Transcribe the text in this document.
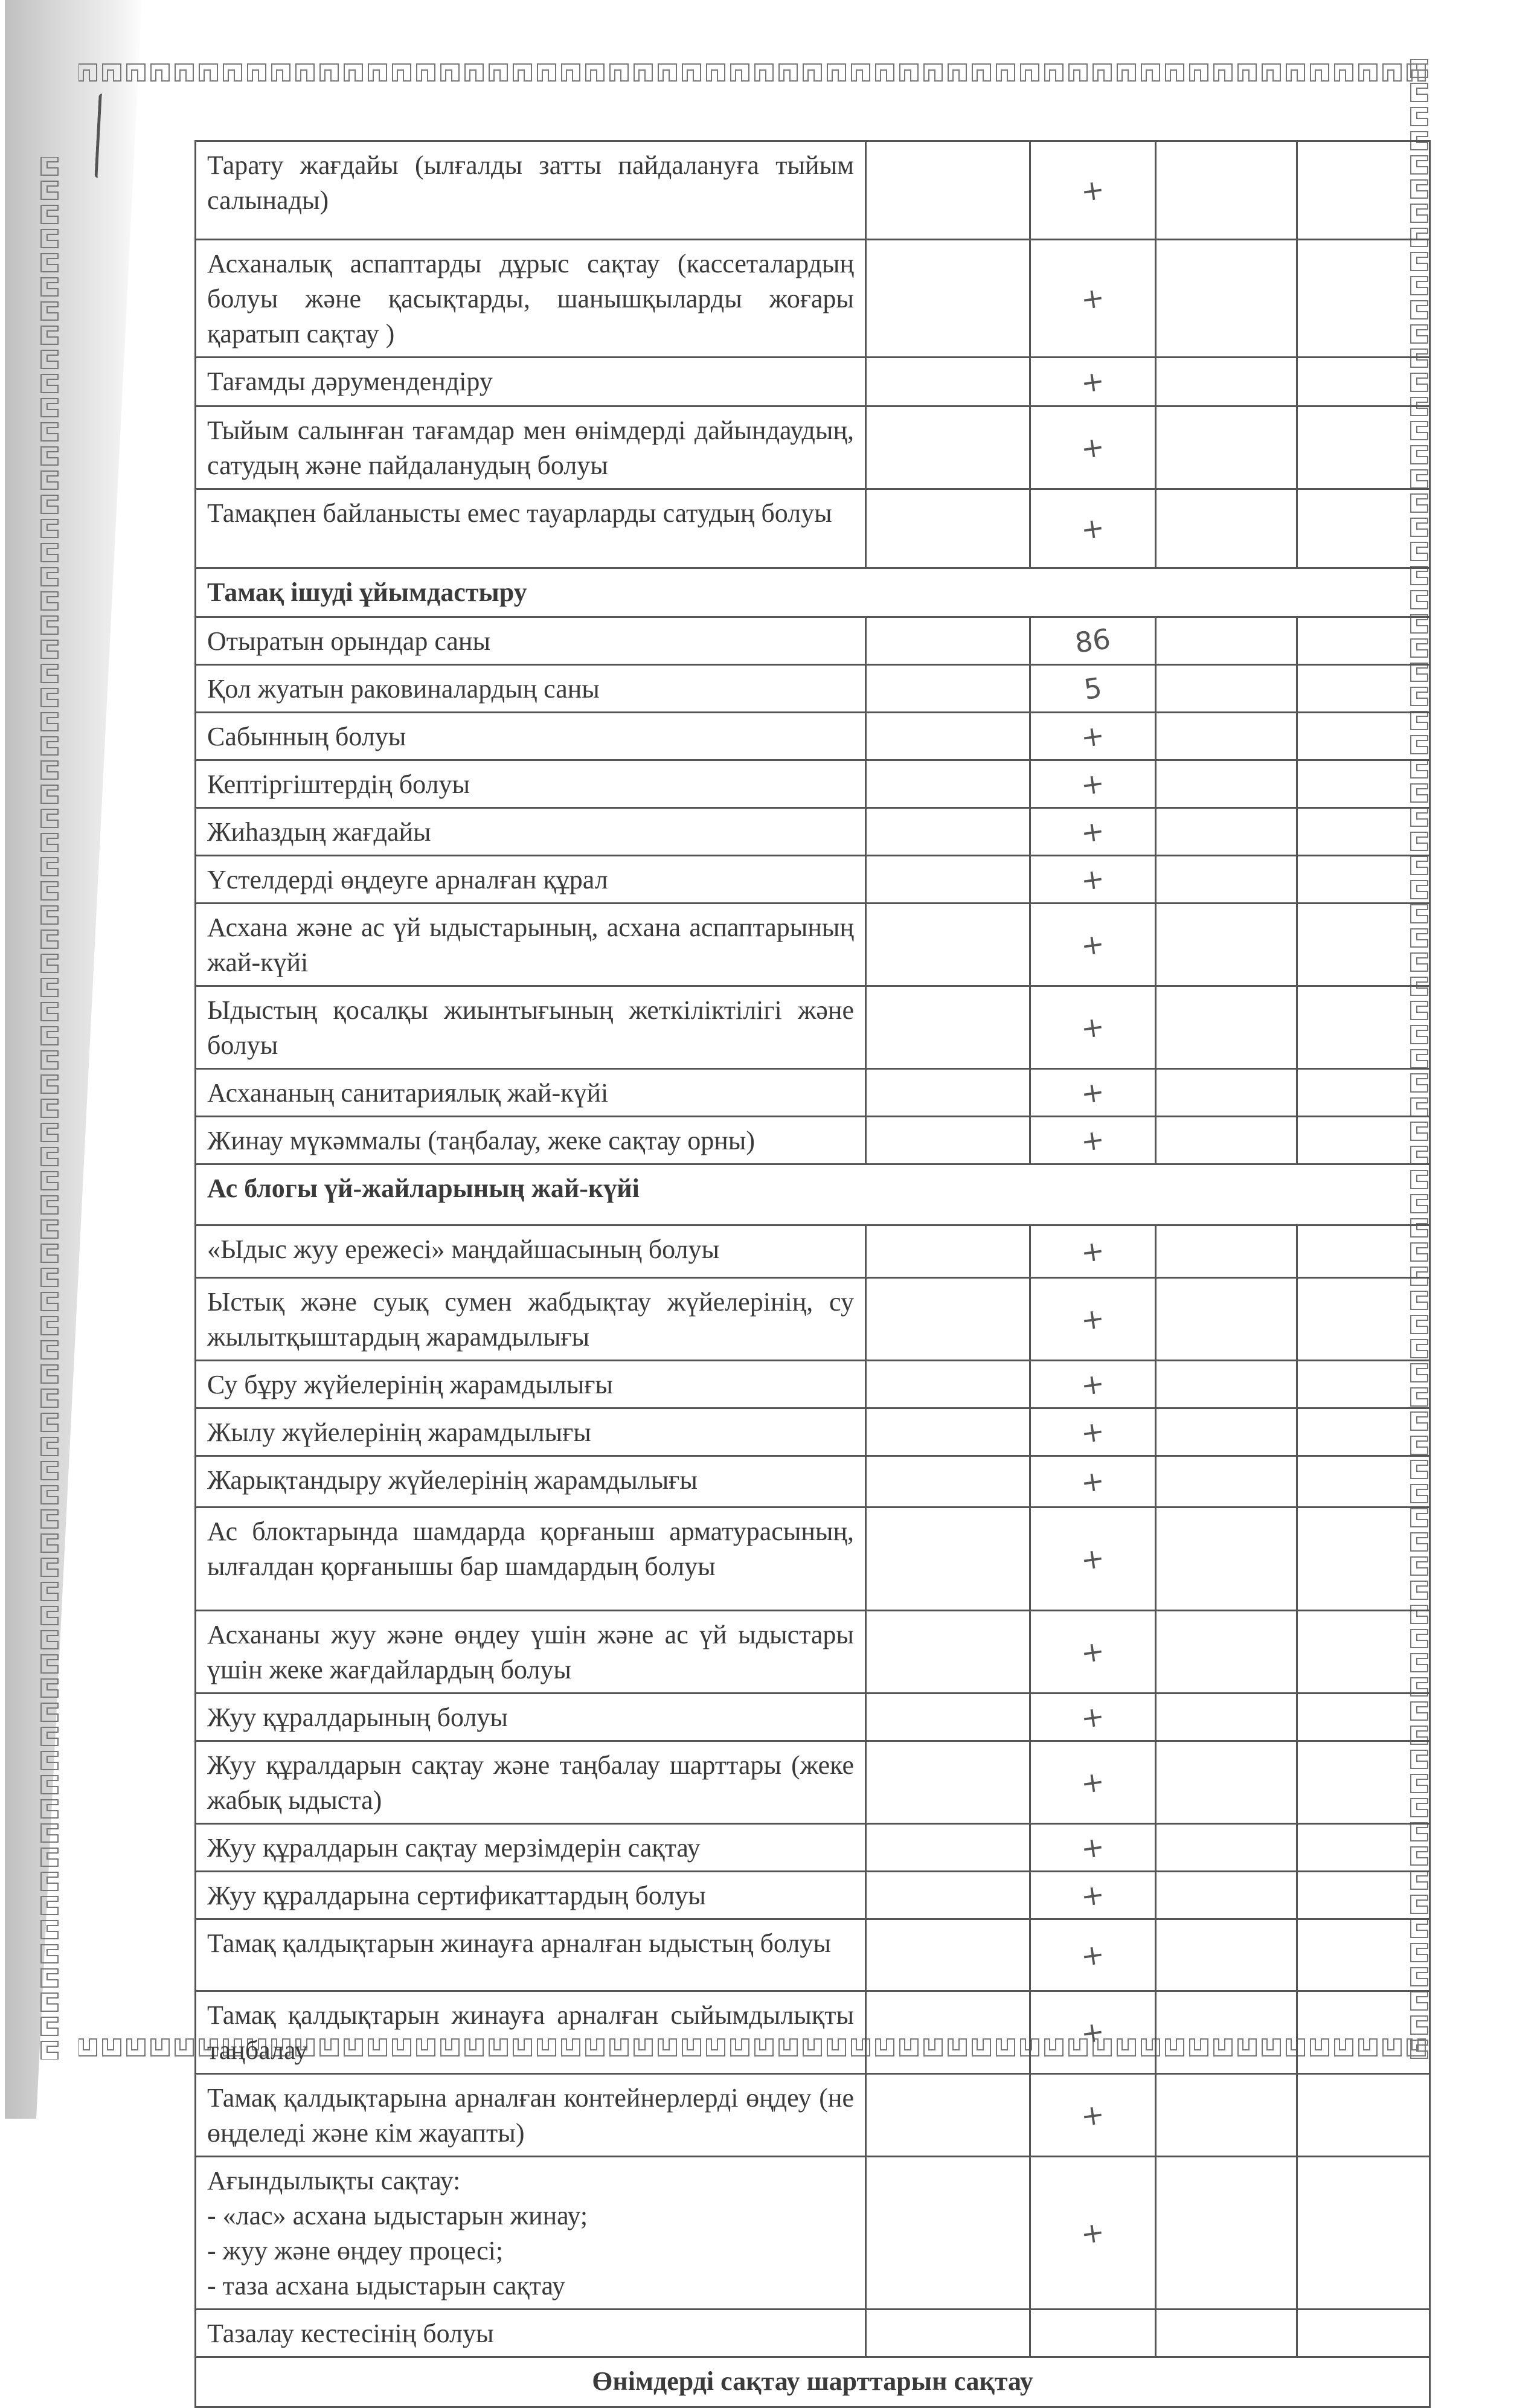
Тарату жағдайы (ылғалды затты пайдалануға тыйым салынады)		+		
Асханалық аспаптарды дұрыс сақтау (кассеталардың болуы және қасықтарды, шанышқыларды жоғары қаратып сақтау )		+		
Тағамды дәрумендендіру		+		
Тыйым салынған тағамдар мен өнімдерді дайындаудың, сатудың және пайдаланудың болуы		+		
Тамақпен байланысты емес тауарларды сатудың болуы		+		
Тамақ ішуді ұйымдастыру				
Отыратын орындар саны		86		
Қол жуатын раковиналардың саны		5		
Сабынның болуы		+		
Кептіргіштердің болуы		+		
Жиһаздың жағдайы		+		
Үстелдерді өңдеуге арналған құрал		+		
Асхана және ас үй ыдыстарының, асхана аспаптарының жай-күйі		+		
Ыдыстың қосалқы жиынтығының жеткіліктілігі және болуы		+		
Асхананың санитариялық жай-күйі		+		
Жинау мүкәммалы (таңбалау, жеке сақтау орны)		+		
Ас блогы үй-жайларының жай-күйі				
«Ыдыс жуу ережесі» маңдайшасының болуы		+		
Ыстық және суық сумен жабдықтау жүйелерінің, су жылытқыштардың жарамдылығы		+		
Су бұру жүйелерінің жарамдылығы		+		
Жылу жүйелерінің жарамдылығы		+		
Жарықтандыру жүйелерінің жарамдылығы		+		
Ас блоктарында шамдарда қорғаныш арматурасының, ылғалдан қорғанышы бар шамдардың болуы		+		
Асхананы жуу және өңдеу үшін және ас үй ыдыстары үшін жеке жағдайлардың болуы		+		
Жуу құралдарының болуы		+		
Жуу құралдарын сақтау және таңбалау шарттары (жеке жабық ыдыста)		+		
Жуу құралдарын сақтау мерзімдерін сақтау		+		
Жуу құралдарына сертификаттардың болуы		+		
Тамақ қалдықтарын жинауға арналған ыдыстың болуы		+		
Тамақ қалдықтарын жинауға арналған сыйымдылықты таңбалау		+		
Тамақ қалдықтарына арналған контейнерлерді өңдеу (не өңделеді және кім жауапты)		+		

Ағындылықты сақтау:
- «лас» асхана ыдыстарын жинау;
- жуу және өңдеу процесі;
- таза асхана ыдыстарын сақтау		+		
Тазалау кестесінің болуы				
Өнімдерді сақтау шарттарын сақтау				
